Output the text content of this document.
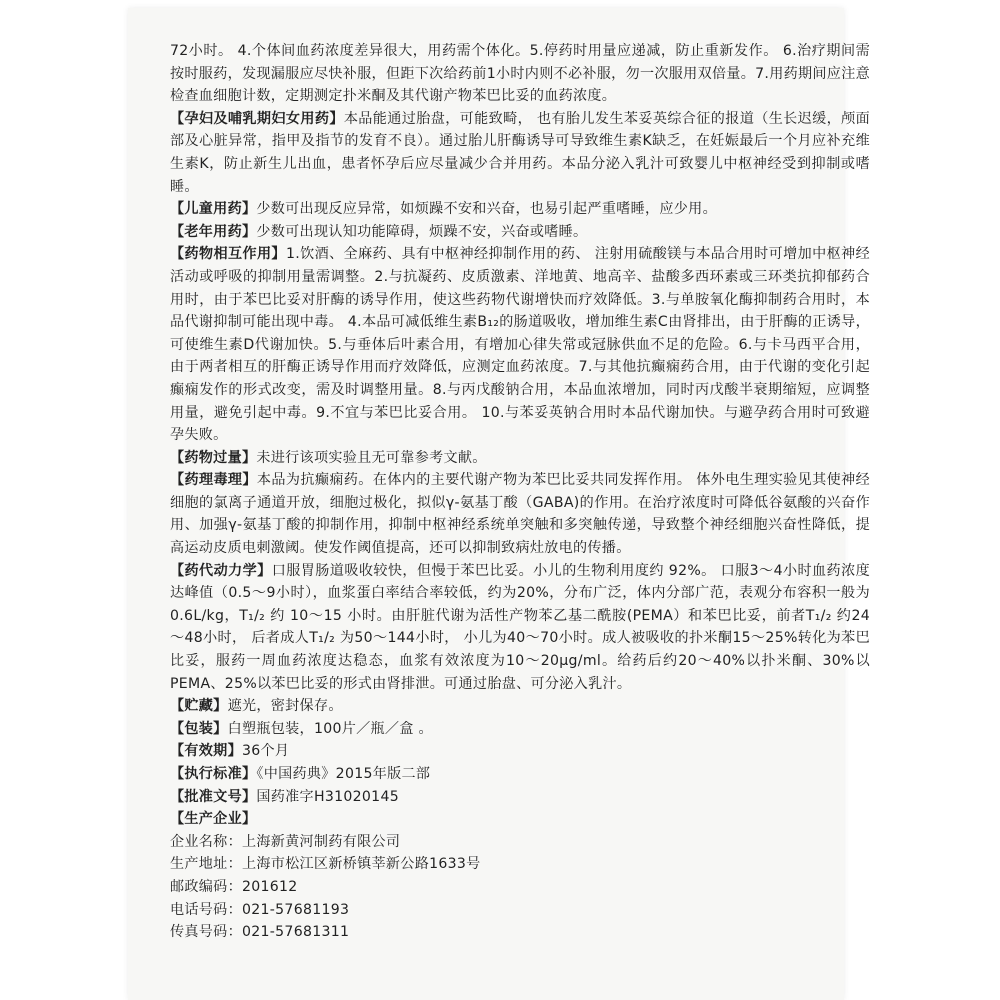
72小时。 4.个体间血药浓度差异很大，用药需个体化。5.停药时用量应递减，防止重新发作。 6.治疗期间需按时服药，发现漏服应尽快补服，但距下次给药前1小时内则不必补服，勿一次服用双倍量。7.用药期间应注意检查血细胞计数，定期测定扑米酮及其代谢产物苯巴比妥的血药浓度。

【孕妇及哺乳期妇女用药】本品能通过胎盘，可能致畸， 也有胎儿发生苯妥英综合征的报道（生长迟缓，颅面部及心脏异常，指甲及指节的发育不良）。通过胎儿肝酶诱导可导致维生素K缺乏，在妊娠最后一个月应补充维生素K，防止新生儿出血，患者怀孕后应尽量减少合并用药。本品分泌入乳汁可致婴儿中枢神经受到抑制或嗜睡。

【儿童用药】少数可出现反应异常，如烦躁不安和兴奋，也易引起严重嗜睡，应少用。

【老年用药】少数可出现认知功能障碍，烦躁不安，兴奋或嗜睡。

【药物相互作用】1.饮酒、全麻药、具有中枢神经抑制作用的药、 注射用硫酸镁与本品合用时可增加中枢神经活动或呼吸的抑制用量需调整。2.与抗凝药、皮质激素、洋地黄、地高辛、盐酸多西环素或三环类抗抑郁药合用时，由于苯巴比妥对肝酶的诱导作用，使这些药物代谢增快而疗效降低。3.与单胺氧化酶抑制药合用时，本品代谢抑制可能出现中毒。 4.本品可减低维生素B₁₂的肠道吸收，增加维生素C由肾排出，由于肝酶的正诱导，可使维生素D代谢加快。5.与垂体后叶素合用，有增加心律失常或冠脉供血不足的危险。6.与卡马西平合用，由于两者相互的肝酶正诱导作用而疗效降低，应测定血药浓度。7.与其他抗癫痫药合用，由于代谢的变化引起癫痫发作的形式改变，需及时调整用量。8.与丙戊酸钠合用，本品血浓增加，同时丙戊酸半衰期缩短，应调整用量，避免引起中毒。9.不宜与苯巴比妥合用。 10.与苯妥英钠合用时本品代谢加快。与避孕药合用时可致避孕失败。

【药物过量】未进行该项实验且无可靠参考文献。

【药理毒理】本品为抗癫痫药。在体内的主要代谢产物为苯巴比妥共同发挥作用。 体外电生理实验见其使神经细胞的氯离子通道开放，细胞过极化，拟似γ-氨基丁酸（GABA)的作用。在治疗浓度时可降低谷氨酸的兴奋作用、加强γ-氨基丁酸的抑制作用，抑制中枢神经系统单突触和多突触传递，导致整个神经细胞兴奋性降低，提高运动皮质电刺激阈。使发作阈值提高，还可以抑制致病灶放电的传播。

【药代动力学】口服胃肠道吸收较快，但慢于苯巴比妥。小儿的生物利用度约 92%。 口服3～4小时血药浓度达峰值（0.5～9小时），血浆蛋白率结合率较低，约为20%，分布广泛，体内分部广范，表观分布容积一般为 0.6L/kg，T₁/₂ 约 10～15 小时。由肝脏代谢为活性产物苯乙基二酰胺(PEMA）和苯巴比妥，前者T₁/₂ 约24～48小时， 后者成人T₁/₂ 为50～144小时， 小儿为40～70小时。成人被吸收的扑米酮15～25%转化为苯巴比妥，服药一周血药浓度达稳态，血浆有效浓度为10～20μg/ml。给药后约20～40%以扑米酮、30%以PEMA、25%以苯巴比妥的形式由肾排泄。可通过胎盘、可分泌入乳汁。

【贮藏】遮光，密封保存。

【包装】白塑瓶包装，100片／瓶／盒 。

【有效期】36个月

【执行标准】《中国药典》2015年版二部

【批准文号】国药准字H31020145

【生产企业】

企业名称：上海新黄河制药有限公司

生产地址：上海市松江区新桥镇莘新公路1633号

邮政编码：201612

电话号码：021-57681193

传真号码：021-57681311
